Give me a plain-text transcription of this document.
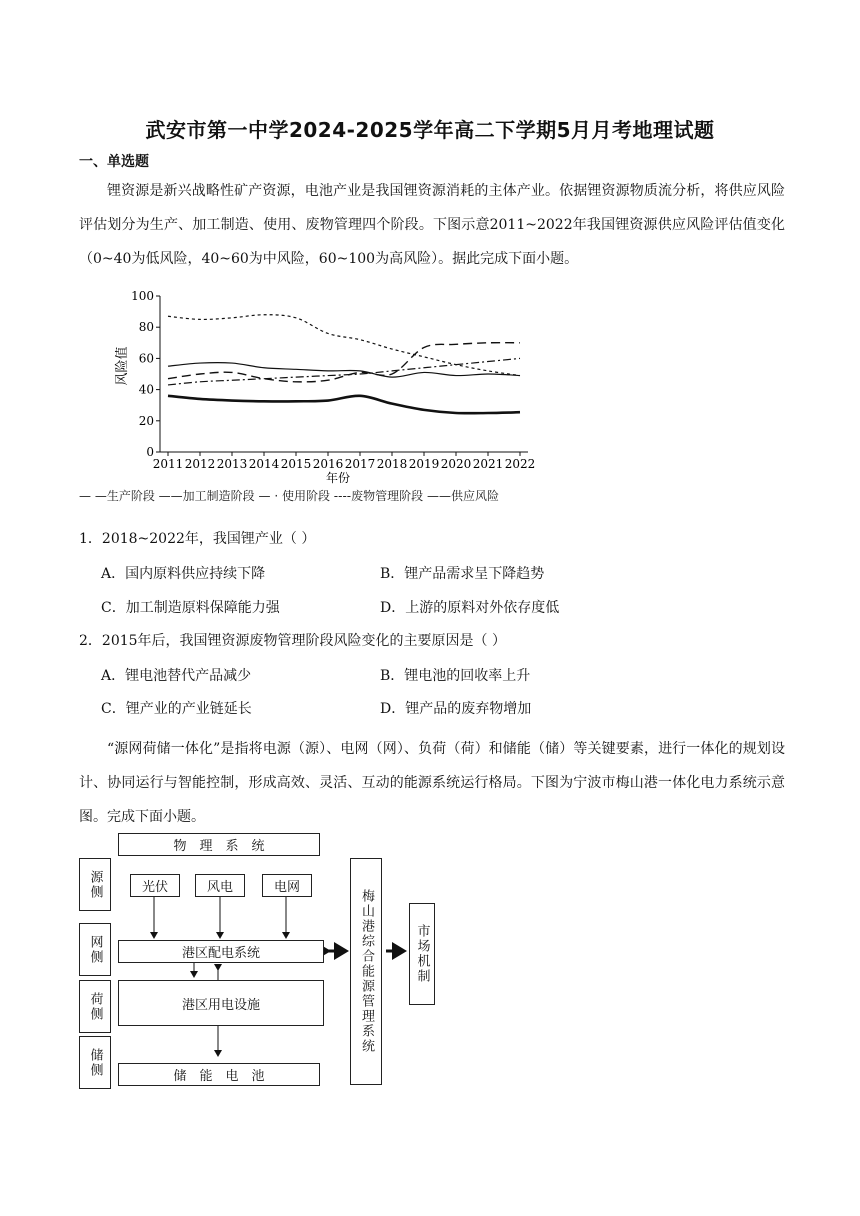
武安市第一中学2024-2025学年高二下学期5月月考地理试题
一、单选题

锂资源是新兴战略性矿产资源，电池产业是我国锂资源消耗的主体产业。依据锂资源物质流分析，将供应风险评估划分为生产、加工制造、使用、废物管理四个阶段。下图示意2011~2022年我国锂资源供应风险评估值变化（0~40为低风险，40~60为中风险，60~100为高风险）。据此完成下面小题。

0
20
40
60
80
100
2011 2012 2013 2014 2015 2016 2017 2018 2019 2020 2021 2022
风险值
年份
— —生产阶段 ——加工制造阶段 — · 使用阶段 ----废物管理阶段 ——供应风险
1．2018~2022年，我国锂产业（ ）
A．国内原料供应持续下降	B．锂产品需求呈下降趋势
C．加工制造原料保障能力强	D．上游的原料对外依存度低
2．2015年后，我国锂资源废物管理阶段风险变化的主要原因是（ ）
A．锂电池替代产品减少	B．锂电池的回收率上升
C．锂产业的产业链延长	D．锂产品的废弃物增加

“源网荷储一体化”是指将电源（源）、电网（网）、负荷（荷）和储能（储）等关键要素，进行一体化的规划设计、协同运行与智能控制，形成高效、灵活、互动的能源系统运行格局。下图为宁波市梅山港一体化电力系统示意图。完成下面小题。

物　理　系　统
源侧
网侧
荷侧
储侧
光伏	风电	电网
港区配电系统
港区用电设施
储　能　电　池
梅山港综合能源管理系统	市场机制
